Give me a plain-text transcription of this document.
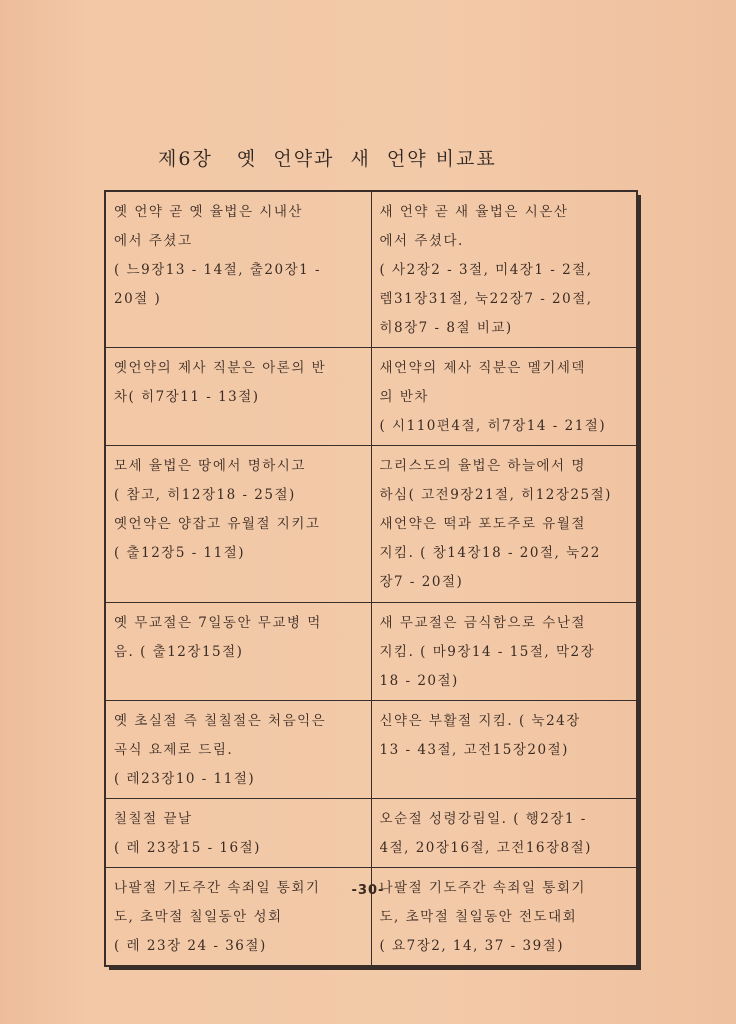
제6장   옛  언약과  새  언약 비교표
옛 언약 곧 옛 율법은 시내산
에서 주셨고
( 느9장13 - 14절, 출20장1 -
20절 )	새 언약 곧 새 율법은 시온산
에서 주셨다.
( 사2장2 - 3절, 미4장1 - 2절,
렘31장31절, 눅22장7 - 20절,
히8장7 - 8절 비교)

옛언약의 제사 직분은 아론의 반
차( 히7장11 - 13절)	새언약의 제사 직분은 멜기세덱
의 반차
( 시110편4절, 히7장14 - 21절)

모세 율법은 땅에서 명하시고
( 참고, 히12장18 - 25절)
옛언약은 양잡고 유월절 지키고
( 출12장5 - 11절)	그리스도의 율법은 하늘에서 명
하심( 고전9장21절, 히12장25절)
새언약은 떡과 포도주로 유월절
지킴. ( 창14장18 - 20절, 눅22
장7 - 20절)

옛 무교절은 7일동안 무교병 먹
음. ( 출12장15절)	새 무교절은 금식함으로 수난절
지킴. ( 마9장14 - 15절, 막2장
18 - 20절)

옛 초실절 즉 칠칠절은 처음익은
곡식 요제로 드림.
( 레23장10 - 11절)	신약은 부활절 지킴. ( 눅24장
13 - 43절, 고전15장20절)

칠칠절 끝날
( 레 23장15 - 16절)	오순절 성령강림일. ( 행2장1 -
4절, 20장16절, 고전16장8절)

나팔절 기도주간 속죄일 통회기
도, 초막절 칠일동안 성회
( 레 23장 24 - 36절)	나팔절 기도주간 속죄일 통회기
도, 초막절 칠일동안 전도대회
( 요7장2, 14, 37 - 39절)
-30-
